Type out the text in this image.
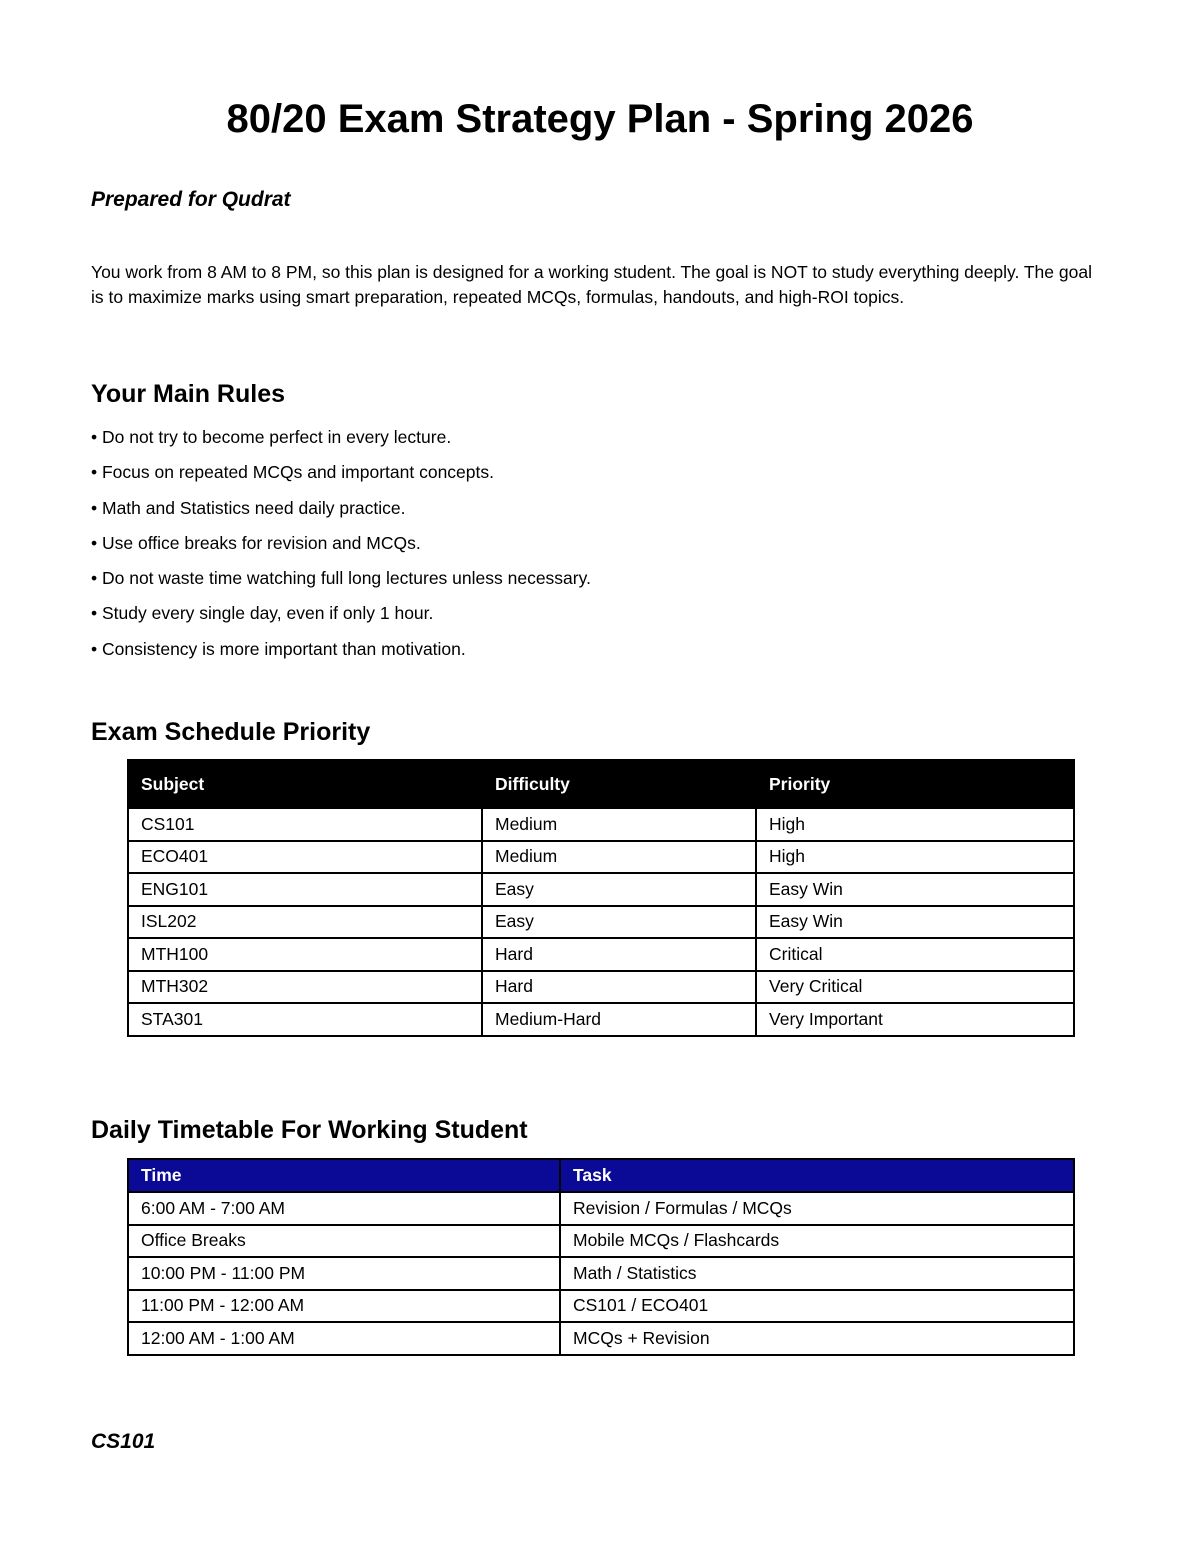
80/20 Exam Strategy Plan - Spring 2026
Prepared for Qudrat
You work from 8 AM to 8 PM, so this plan is designed for a working student. The goal is NOT to study everything deeply. The goal is to maximize marks using smart preparation, repeated MCQs, formulas, handouts, and high-ROI topics.
Your Main Rules
• Do not try to become perfect in every lecture.
• Focus on repeated MCQs and important concepts.
• Math and Statistics need daily practice.
• Use office breaks for revision and MCQs.
• Do not waste time watching full long lectures unless necessary.
• Study every single day, even if only 1 hour.
• Consistency is more important than motivation.
Exam Schedule Priority
Subject	Difficulty	Priority
CS101	Medium	High
ECO401	Medium	High
ENG101	Easy	Easy Win
ISL202	Easy	Easy Win
MTH100	Hard	Critical
MTH302	Hard	Very Critical
STA301	Medium-Hard	Very Important
Daily Timetable For Working Student
Time	Task
6:00 AM - 7:00 AM	Revision / Formulas / MCQs
Office Breaks	Mobile MCQs / Flashcards
10:00 PM - 11:00 PM	Math / Statistics
11:00 PM - 12:00 AM	CS101 / ECO401
12:00 AM - 1:00 AM	MCQs + Revision
CS101
